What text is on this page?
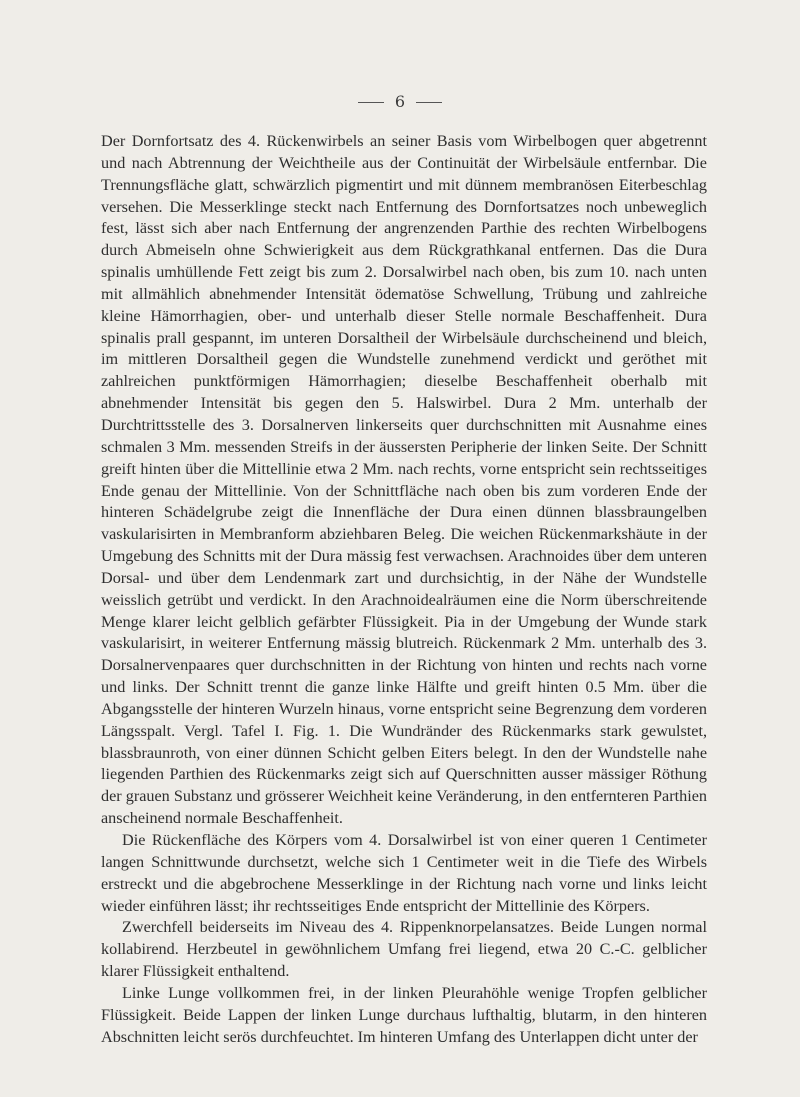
6

Der Dornfortsatz des 4. Rückenwirbels an seiner Basis vom Wirbelbogen quer abgetrennt und nach Abtrennung der Weichtheile aus der Continuität der Wirbelsäule entfernbar. Die Trennungsfläche glatt, schwärzlich pigmentirt und mit dünnem membranösen Eiterbeschlag versehen. Die Messerklinge steckt nach Entfernung des Dornfortsatzes noch unbeweglich fest, lässt sich aber nach Entfernung der angrenzenden Parthie des rechten Wirbelbogens durch Abmeiseln ohne Schwierigkeit aus dem Rückgrathkanal entfernen. Das die Dura spinalis umhüllende Fett zeigt bis zum 2. Dorsalwirbel nach oben, bis zum 10. nach unten mit allmählich abnehmender Intensität ödematöse Schwellung, Trübung und zahlreiche kleine Hämorrhagien, ober- und unterhalb dieser Stelle normale Beschaffenheit. Dura spinalis prall gespannt, im unteren Dorsaltheil der Wirbelsäule durchscheinend und bleich, im mittleren Dorsaltheil gegen die Wundstelle zunehmend verdickt und geröthet mit zahlreichen punktförmigen Hämorrhagien; dieselbe Beschaffenheit oberhalb mit abnehmender Intensität bis gegen den 5. Halswirbel. Dura 2 Mm. unterhalb der Durchtrittsstelle des 3. Dorsalnerven linkerseits quer durchschnitten mit Ausnahme eines schmalen 3 Mm. messenden Streifs in der äussersten Peripherie der linken Seite. Der Schnitt greift hinten über die Mittellinie etwa 2 Mm. nach rechts, vorne entspricht sein rechtsseitiges Ende genau der Mittellinie. Von der Schnittfläche nach oben bis zum vorderen Ende der hinteren Schädelgrube zeigt die Innenfläche der Dura einen dünnen blassbraungelben vaskularisirten in Membranform abziehbaren Beleg. Die weichen Rückenmarkshäute in der Umgebung des Schnitts mit der Dura mässig fest verwachsen. Arachnoides über dem unteren Dorsal- und über dem Lendenmark zart und durchsichtig, in der Nähe der Wundstelle weisslich getrübt und verdickt. In den Arachnoidealräumen eine die Norm überschreitende Menge klarer leicht gelblich gefärbter Flüssigkeit. Pia in der Umgebung der Wunde stark vaskularisirt, in weiterer Entfernung mässig blutreich. Rückenmark 2 Mm. unterhalb des 3. Dorsalnervenpaares quer durchschnitten in der Richtung von hinten und rechts nach vorne und links. Der Schnitt trennt die ganze linke Hälfte und greift hinten 0.5 Mm. über die Abgangsstelle der hinteren Wurzeln hinaus, vorne entspricht seine Begrenzung dem vorderen Längsspalt. Vergl. Tafel I. Fig. 1. Die Wundränder des Rückenmarks stark gewulstet, blassbraunroth, von einer dünnen Schicht gelben Eiters belegt. In den der Wundstelle nahe liegenden Parthien des Rückenmarks zeigt sich auf Querschnitten ausser mässiger Röthung der grauen Substanz und grösserer Weichheit keine Veränderung, in den entfernteren Parthien anscheinend normale Beschaffenheit.

Die Rückenfläche des Körpers vom 4. Dorsalwirbel ist von einer queren 1 Centimeter langen Schnittwunde durchsetzt, welche sich 1 Centimeter weit in die Tiefe des Wirbels erstreckt und die abgebrochene Messerklinge in der Richtung nach vorne und links leicht wieder einführen lässt; ihr rechtsseitiges Ende entspricht der Mittellinie des Körpers.

Zwerchfell beiderseits im Niveau des 4. Rippenknorpelansatzes. Beide Lungen normal kollabirend. Herzbeutel in gewöhnlichem Umfang frei liegend, etwa 20 C.-C. gelblicher klarer Flüssigkeit enthaltend.

Linke Lunge vollkommen frei, in der linken Pleurahöhle wenige Tropfen gelblicher Flüssigkeit. Beide Lappen der linken Lunge durchaus lufthaltig, blutarm, in den hinteren Abschnitten leicht serös durchfeuchtet. Im hinteren Umfang des Unterlappen dicht unter der
